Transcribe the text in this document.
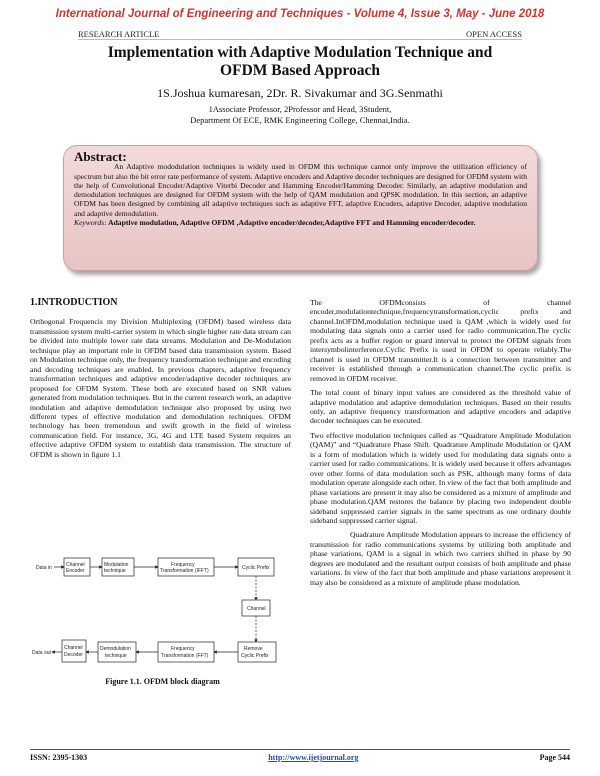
International Journal of Engineering and Techniques - Volume 4, Issue 3, May - June 2018
RESEARCH ARTICLE	OPEN ACCESS
Implementation with Adaptive Modulation Technique and
OFDM Based Approach
1S.Joshua kumaresan, 2Dr. R. Sivakumar and 3G.Senmathi
1Associate Professor, 2Professor and Head, 3Student,
Department Of ECE, RMK Engineering College, Chennai,India.
Abstract:

An Adaptive mododulation techniques is widely used in OFDM this technique cannot only improve the utilization efficiency of spectrum but also the bit error rate performance of system. Adaptive encoders and Adaptive decoder techniques are designed for OFDM system with the help of Convolutional Encoder/Adaptive Viterbi Decoder and Hamming Encoder/Hamming Decoder. Similarly, an adaptive modulation and demodulation techniques are designed for OFDM system with the help of QAM modulation and QPSK modulation. In this section, an adaptive OFDM has been designed by combining all adaptive techniques such as adaptive FFT, adaptive Encoders, adaptive Decoder, adaptive modulation and adaptive demodulation.

Keywords: Adaptive modulation, Adaptive OFDM ,Adaptive encoder/decoder,Adaptive FFT and Hamming encoder/decoder.

1.INTRODUCTION

Orthogonal Frequencis my Division Multiplexing (OFDM) based wireless data transmission system multi-carrier system in which single higher rate data stream can be divided into multiple lower rate data streams. Modulation and De-Modulation technique play an important role in OFDM based data transmission system. Based on Modulation technique only, the frequency transformation technique and encoding and decoding techniques are enabled. In previous chapters, adaptive frequency transformation techniques and adaptive encoder/adaptive decoder techniques are proposed for OFDM System. These both are executed based on SNR values generated from modulation techniques. But in the current research work, an adaptive modulation and adaptive demodulation technique also proposed by using two different types of effective modulation and demodulation techniques. OFDM technology has been tremendous and swift growth in the field of wireless communication field. For instance, 3G, 4G and LTE based System requires an effective adaptive OFDM system to establish data transmission. The structure of OFDM is shown in figure 1.1

Data in	Channel
Encoder
Modulation
technique
Frequency
Transformation (IFFT)	Cyclic Prefix
Channel
Remove
Cyclic Prefix
Frequency
Transformation (FFT)
Demodulation
technique
Channel
Decoder
Data out
Figure 1.1. OFDM block diagram

The OFDMconsists of channel encoder,modulationtechnique,frequencytransformation,cyclic prefix and channel.InOFDM,modulation technique used is QAM ,which is widely used for modulating data signals onto a carrier used for radio communication.The cyclic prefix acts as a buffer region or guard interval to protect the OFDM signals from intersymbolinterference.Cyclic Prefix is used in OFDM to operate reliably.The channel is used in OFDM transmitter.It is a connection between transmitter and receiver is established through a communication channel.The cyclic prefix is removed in OFDM receiver.

The total count of binary input values are considered as the threshold value of adaptive modulation and adaptive demodulation techniques. Based on their results only, an adaptive frequency transformation and adaptive encoders and adaptive decoder techniques can be executed.

Two effective modulation techniques called as “Quadrature Amplitude Modulation (QAM)” and “Quadrature Phase Shift. Quadrature Amplitude Modulation or QAM is a form of modulation which is widely used for modulating data signals onto a carrier used for radio communications. It is widely used because it offers advantages over other forms of data modulation such as PSK, although many forms of data modulation operate alongside each other. In view of the fact that both amplitude and phase variations are present it may also be considered as a mixture of amplitude and phase modulation.QAM restores the balance by placing two independent double sideband suppressed carrier signals in the same spectrum as one ordinary double sideband suppressed carrier signal.

Quadrature Amplitude Modulation appears to increase the efficiency of transmission for radio communications systems by utilizing both amplitude and phase variations, QAM is a signal in which two carriers shifted in phase by 90 degrees are modulated and the resultant output consists of both amplitude and phase variations. In view of the fact that both amplitude and phase variations arepresent it may also be considered as a mixture of amplitude phase modulation.

ISSN: 2395-1303	http://www.ijetjournal.org	Page 544
